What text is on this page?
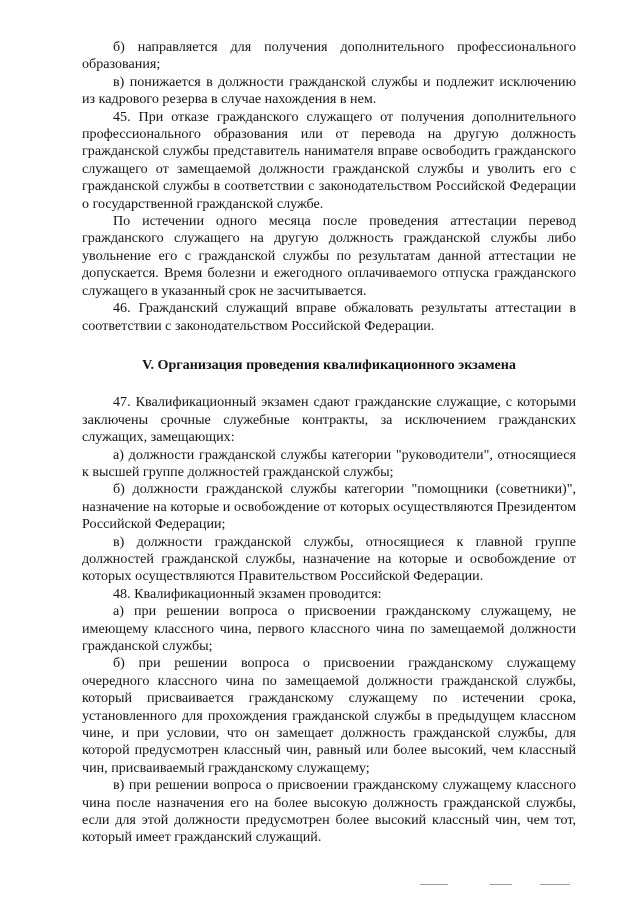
б) направляется для получения дополнительного профессионального образования;

в) понижается в должности гражданской службы и подлежит исключению из кадрового резерва в случае нахождения в нем.

45. При отказе гражданского служащего от получения дополнительного профессионального образования или от перевода на другую должность гражданской службы представитель нанимателя вправе освободить гражданского служащего от замещаемой должности гражданской службы и уволить его с гражданской службы в соответствии с законодательством Российской Федерации о государственной гражданской службе.

По истечении одного месяца после проведения аттестации перевод гражданского служащего на другую должность гражданской службы либо увольнение его с гражданской службы по результатам данной аттестации не допускается. Время болезни и ежегодного оплачиваемого отпуска гражданского служащего в указанный срок не засчитывается.

46. Гражданский служащий вправе обжаловать результаты аттестации в соответствии с законодательством Российской Федерации.

V. Организация проведения квалификационного экзамена

47. Квалификационный экзамен сдают гражданские служащие, с которыми заключены срочные служебные контракты, за исключением гражданских служащих, замещающих:

а) должности гражданской службы категории "руководители", относящиеся к высшей группе должностей гражданской службы;

б) должности гражданской службы категории "помощники (советники)", назначение на которые и освобождение от которых осуществляются Президентом Российской Федерации;

в) должности гражданской службы, относящиеся к главной группе должностей гражданской службы, назначение на которые и освобождение от которых осуществляются Правительством Российской Федерации.

48. Квалификационный экзамен проводится:

а) при решении вопроса о присвоении гражданскому служащему, не имеющему классного чина, первого классного чина по замещаемой должности гражданской службы;

б) при решении вопроса о присвоении гражданскому служащему очередного классного чина по замещаемой должности гражданской службы, который присваивается гражданскому служащему по истечении срока, установленного для прохождения гражданской службы в предыдущем классном чине, и при условии, что он замещает должность гражданской службы, для которой предусмотрен классный чин, равный или более высокий, чем классный чин, присваиваемый гражданскому служащему;

в) при решении вопроса о присвоении гражданскому служащему классного чина после назначения его на более высокую должность гражданской службы, если для этой должности предусмотрен более высокий классный чин, чем тот, который имеет гражданский служащий.
